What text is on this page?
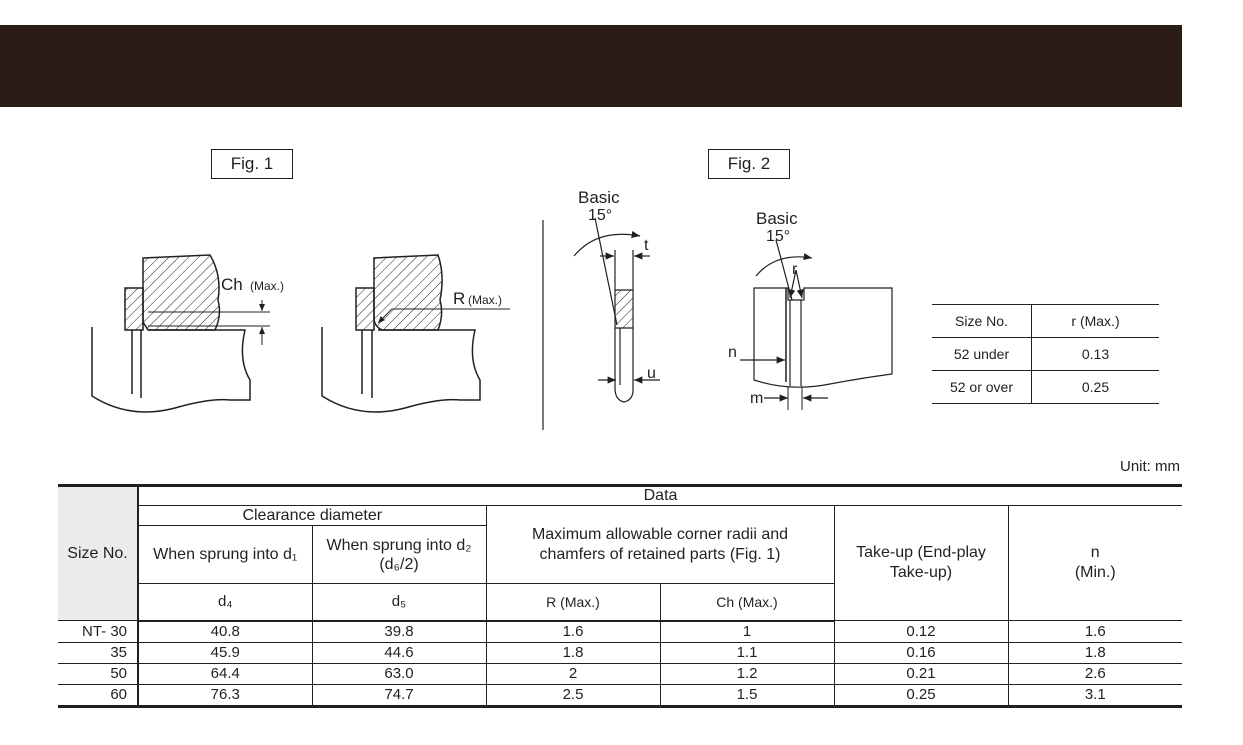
Fig. 1	Fig. 2
Ch (Max.)
R (Max.)
Basic
15°
t
u
Basic
15°
r
n
m
Size No.	r (Max.)
52 under	0.13
52 or over	0.25
Unit: mm
Size No.	Data					
	Clearance diameter		Maximum allowable corner radii and chamfers of retained parts (Fig. 1)		Take-up (End-play Take-up)	n (Min.)
	When sprung into d₁	When sprung into d₂ (d₆/2)				
	d₄	d₅	R (Max.)	Ch (Max.)		
NT- 30	40.8	39.8	1.6	1	0.12	1.6
35	45.9	44.6	1.8	1.1	0.16	1.8
50	64.4	63.0	2	1.2	0.21	2.6
60	76.3	74.7	2.5	1.5	0.25	3.1
